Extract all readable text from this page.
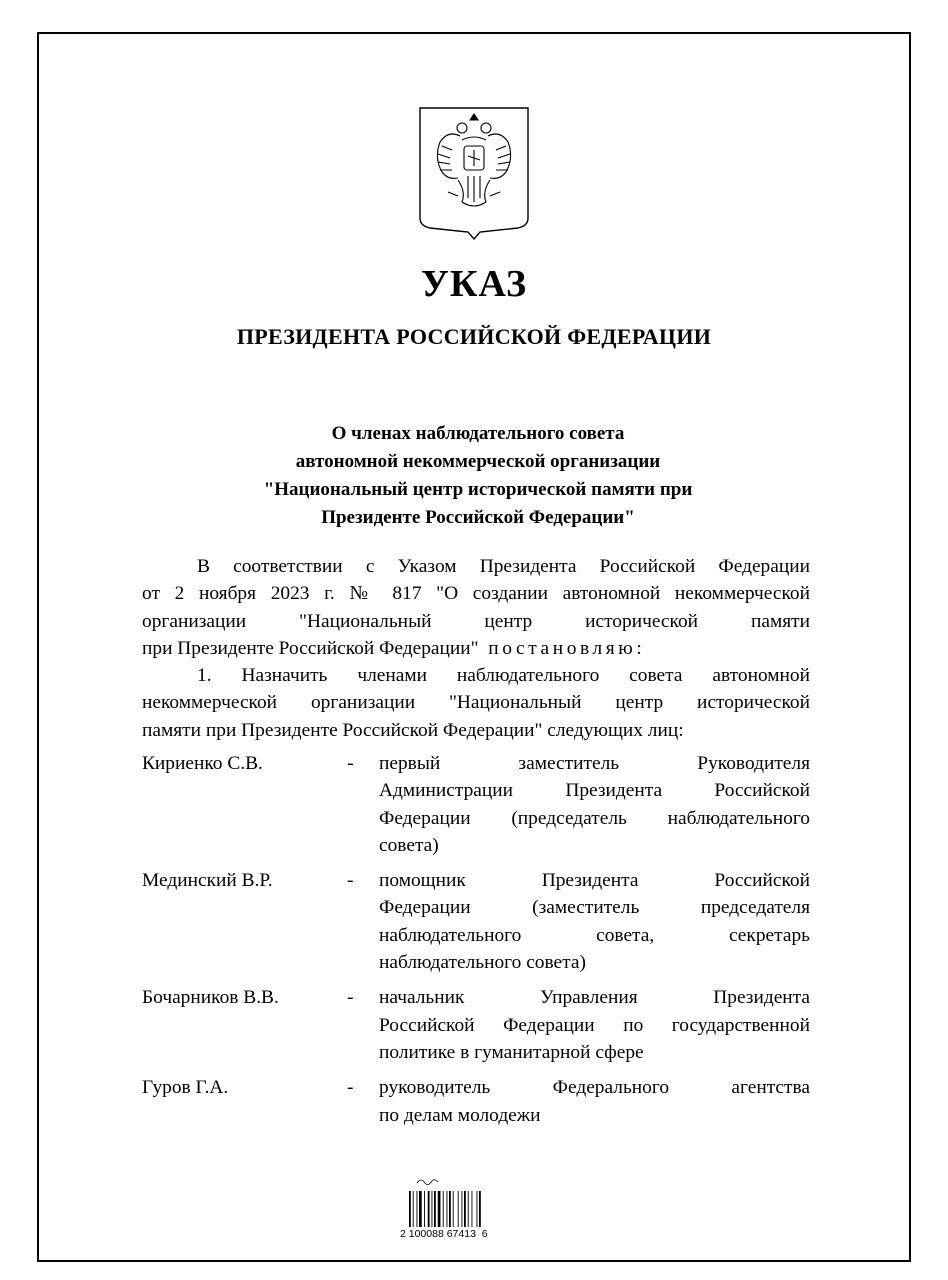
УКАЗ
ПРЕЗИДЕНТА РОССИЙСКОЙ ФЕДЕРАЦИИ
О членах наблюдательного совета
автономной некоммерческой организации
"Национальный центр исторической памяти при
Президенте Российской Федерации"
В соответствии с Указом Президента Российской Федерации
от 2 ноября 2023 г. № 817 "О создании автономной некоммерческой
организации "Национальный центр исторической памяти
при Президенте Российской Федерации" постановляю:
1. Назначить членами наблюдательного совета автономной
некоммерческой организации "Национальный центр исторической
памяти при Президенте Российской Федерации" следующих лиц:
Кириенко С.В.	- первый заместитель Руководителя
Администрации Президента Российской
Федерации (председатель наблюдательного
совета)
Мединский В.Р.	- помощник Президента Российской
Федерации (заместитель председателя
наблюдательного совета, секретарь
наблюдательного совета)
Бочарников В.В.	- начальник Управления Президента
Российской Федерации по государственной
политике в гуманитарной сфере
Гуров Г.А.	- руководитель Федерального агентства
по делам молодежи
2 100088 67413  6
